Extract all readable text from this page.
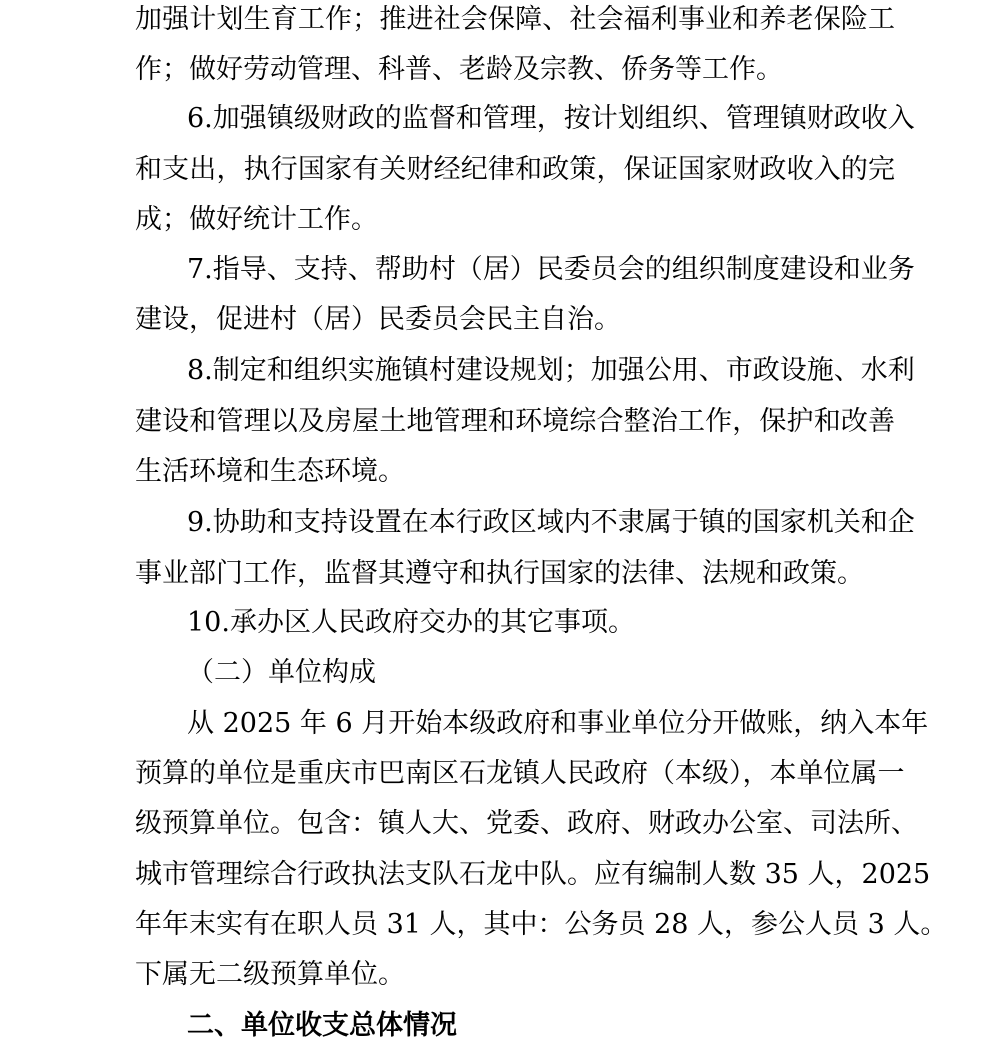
加强计划生育工作；推进社会保障、社会福利事业和养老保险工
作；做好劳动管理、科普、老龄及宗教、侨务等工作。
6.加强镇级财政的监督和管理，按计划组织、管理镇财政收入
和支出，执行国家有关财经纪律和政策，保证国家财政收入的完
成；做好统计工作。
7.指导、支持、帮助村（居）民委员会的组织制度建设和业务
建设，促进村（居）民委员会民主自治。
8.制定和组织实施镇村建设规划；加强公用、市政设施、水利
建设和管理以及房屋土地管理和环境综合整治工作，保护和改善
生活环境和生态环境。
9.协助和支持设置在本行政区域内不隶属于镇的国家机关和企
事业部门工作，监督其遵守和执行国家的法律、法规和政策。
10.承办区人民政府交办的其它事项。
（二）单位构成
从 2025 年 6 月开始本级政府和事业单位分开做账，纳入本年
预算的单位是重庆市巴南区石龙镇人民政府（本级），本单位属一
级预算单位。包含：镇人大、党委、政府、财政办公室、司法所、
城市管理综合行政执法支队石龙中队。应有编制人数 35 人，2025
年年末实有在职人员 31 人，其中：公务员 28 人，参公人员 3 人。
下属无二级预算单位。
二、单位收支总体情况
